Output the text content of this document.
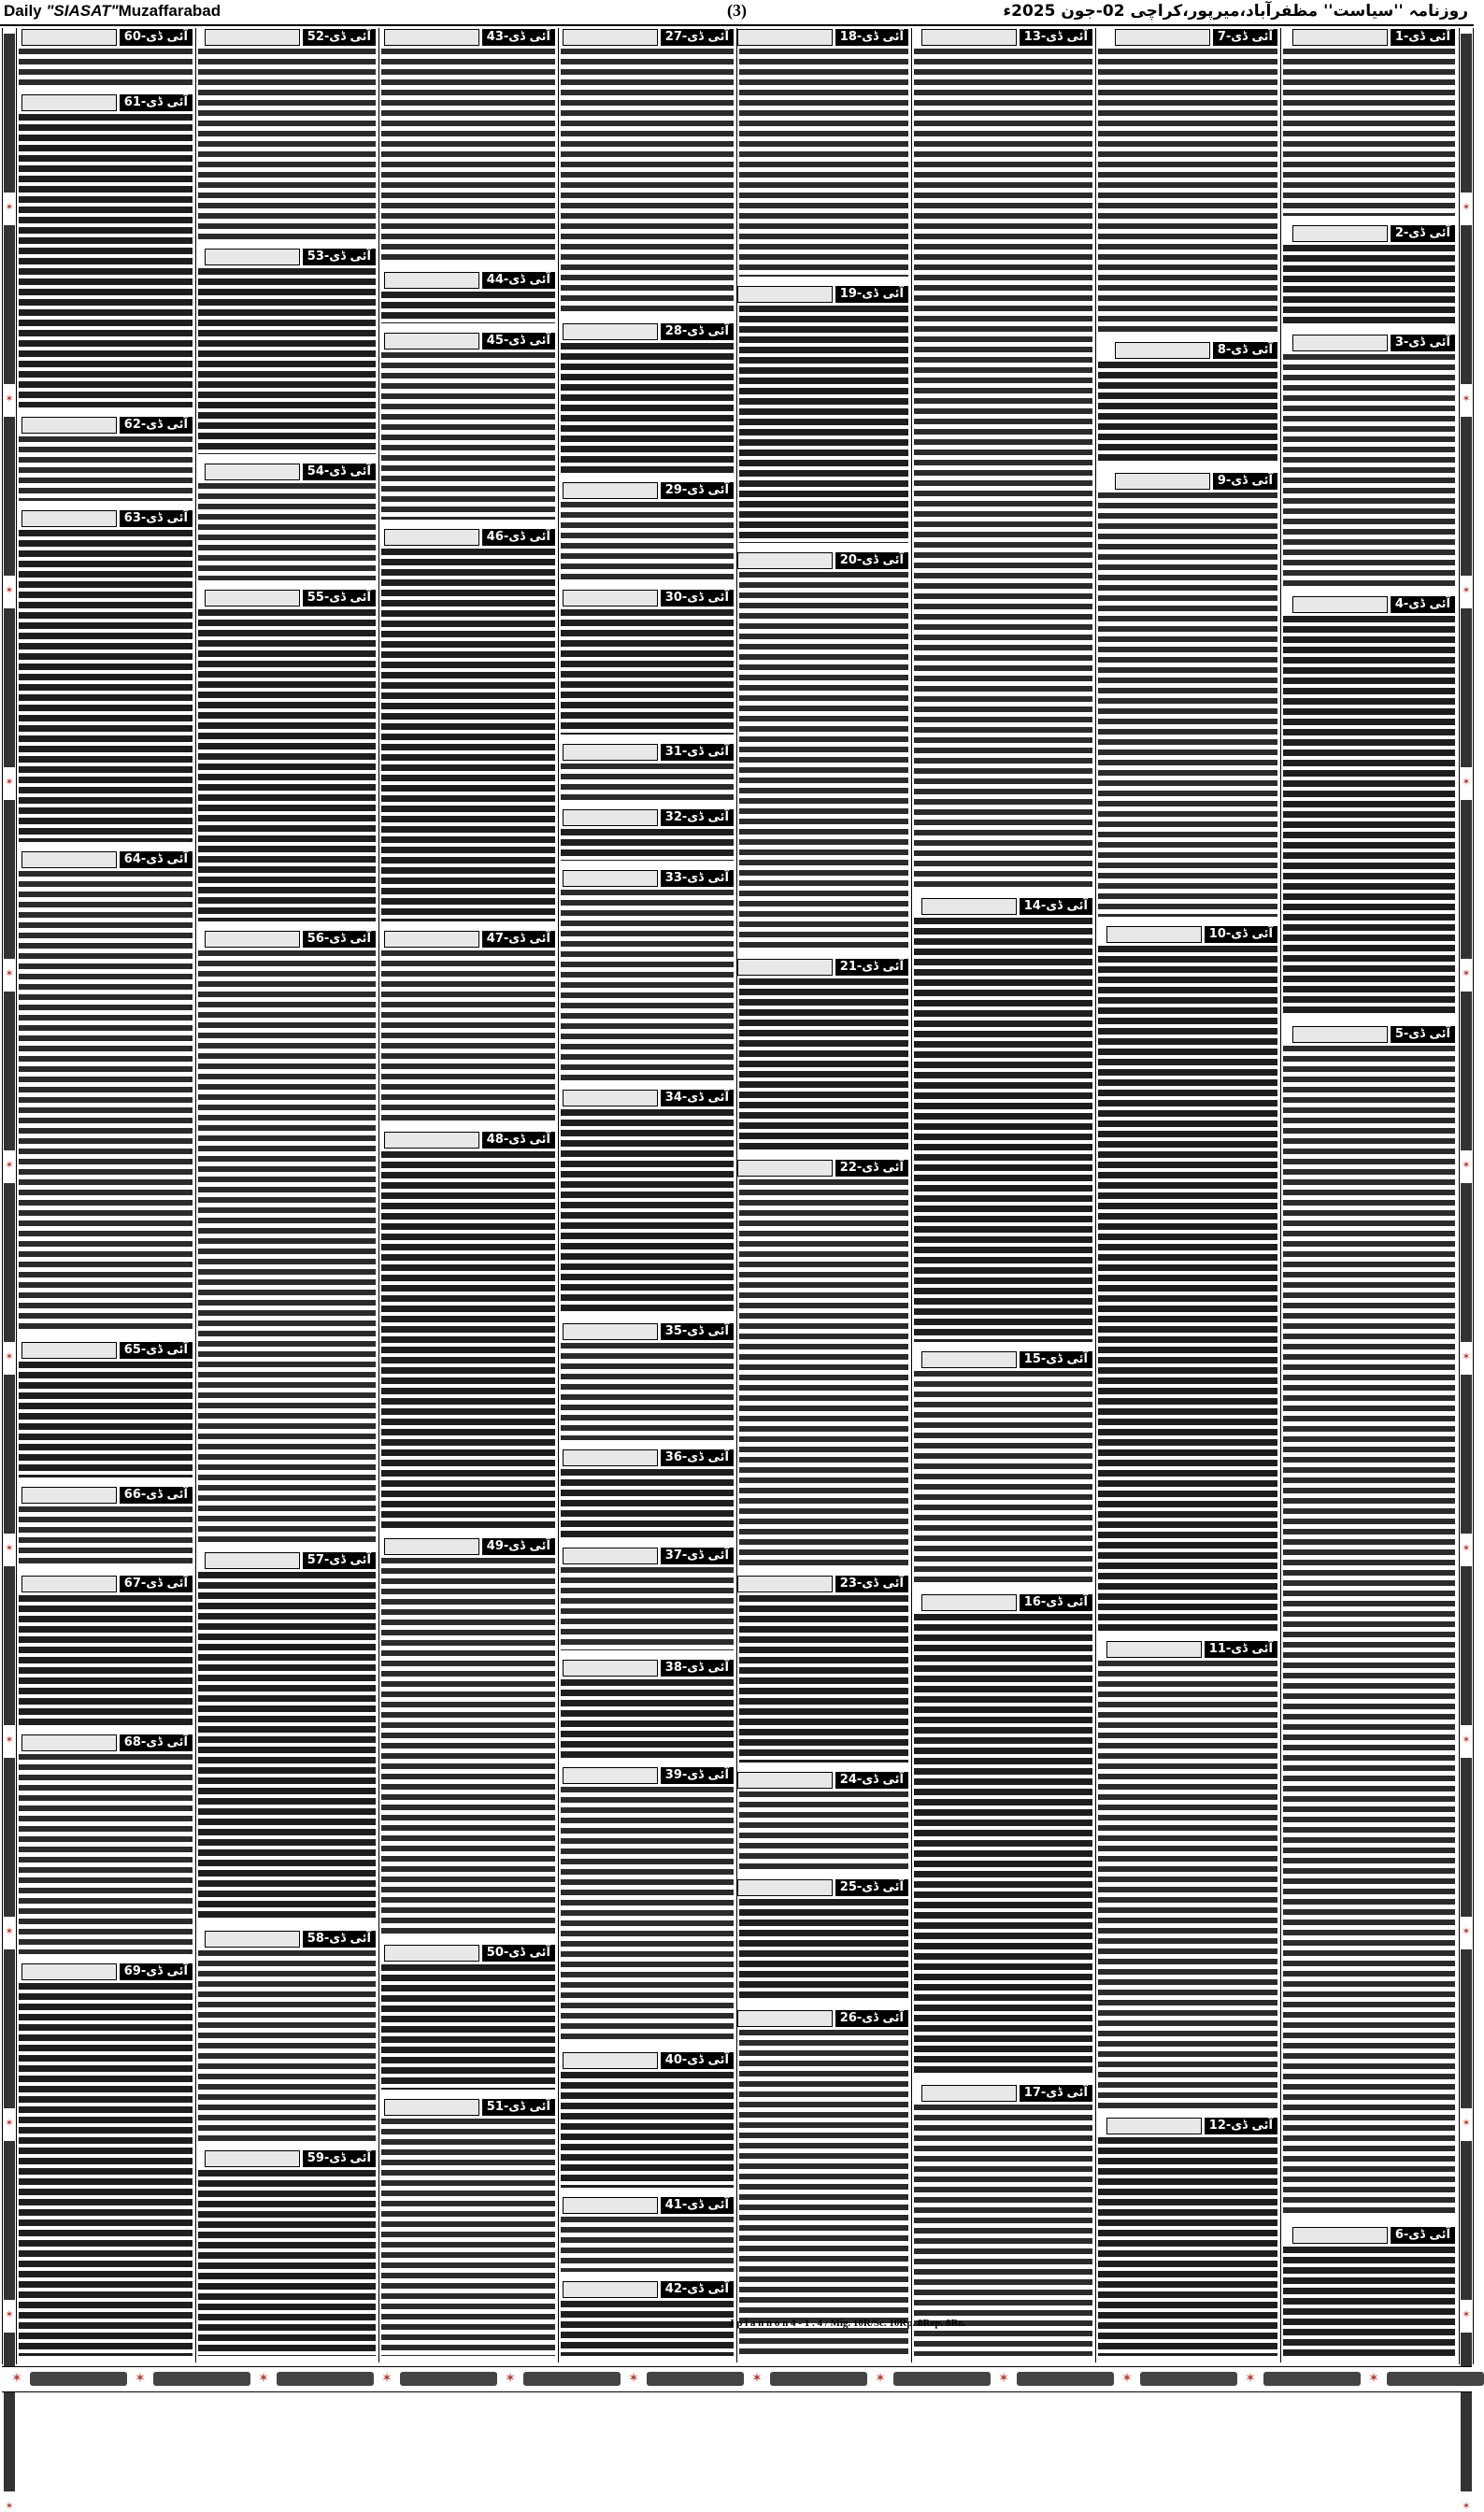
Daily "SIASAT"Muzaffarabad	(3)	روزنامہ ''سیاست'' مظفرآباد،میرپور،کراچی 02-جون 2025ء
✶
✶
✶
✶
✶
✶
✶
✶
✶
✶
✶
✶
✶
✶
✶
✶
✶
✶
✶
✶
✶
✶
✶
✶
✶
✶
آئی ڈی-1
آئی ڈی-2
آئی ڈی-3
آئی ڈی-4
آئی ڈی-5
آئی ڈی-6
آئی ڈی-7
آئی ڈی-8
آئی ڈی-9
آئی ڈی-10
آئی ڈی-11
آئی ڈی-12
آئی ڈی-13
آئی ڈی-14
آئی ڈی-15
آئی ڈی-16
آئی ڈی-17
آئی ڈی-18
آئی ڈی-19
آئی ڈی-20
آئی ڈی-21
آئی ڈی-22
آئی ڈی-23
آئی ڈی-24
آئی ڈی-25
آئی ڈی-26
آئی ڈی-27
آئی ڈی-28
آئی ڈی-29
آئی ڈی-30
آئی ڈی-31
آئی ڈی-32
آئی ڈی-33
آئی ڈی-34
آئی ڈی-35
آئی ڈی-36
آئی ڈی-37
آئی ڈی-38
آئی ڈی-39
آئی ڈی-40
آئی ڈی-41
آئی ڈی-42
آئی ڈی-43
آئی ڈی-44
آئی ڈی-45
آئی ڈی-46
آئی ڈی-47
آئی ڈی-48
آئی ڈی-49
آئی ڈی-50
آئی ڈی-51
آئی ڈی-52
آئی ڈی-53
آئی ڈی-54
آئی ڈی-55
آئی ڈی-56
آئی ڈی-57
آئی ڈی-58
آئی ڈی-59
آئی ڈی-60
آئی ڈی-61
آئی ڈی-62
آئی ڈی-63
آئی ڈی-64
آئی ڈی-65
آئی ڈی-66
آئی ڈی-67
آئی ڈی-68
آئی ڈی-69
J p l a n n o n 4 - 1 . 4 / Mig. 10R/Sc. 10Rp. 8Rep. 8Ro.
✶	✶	✶	✶	✶	✶	✶	✶	✶	✶	✶	✶
